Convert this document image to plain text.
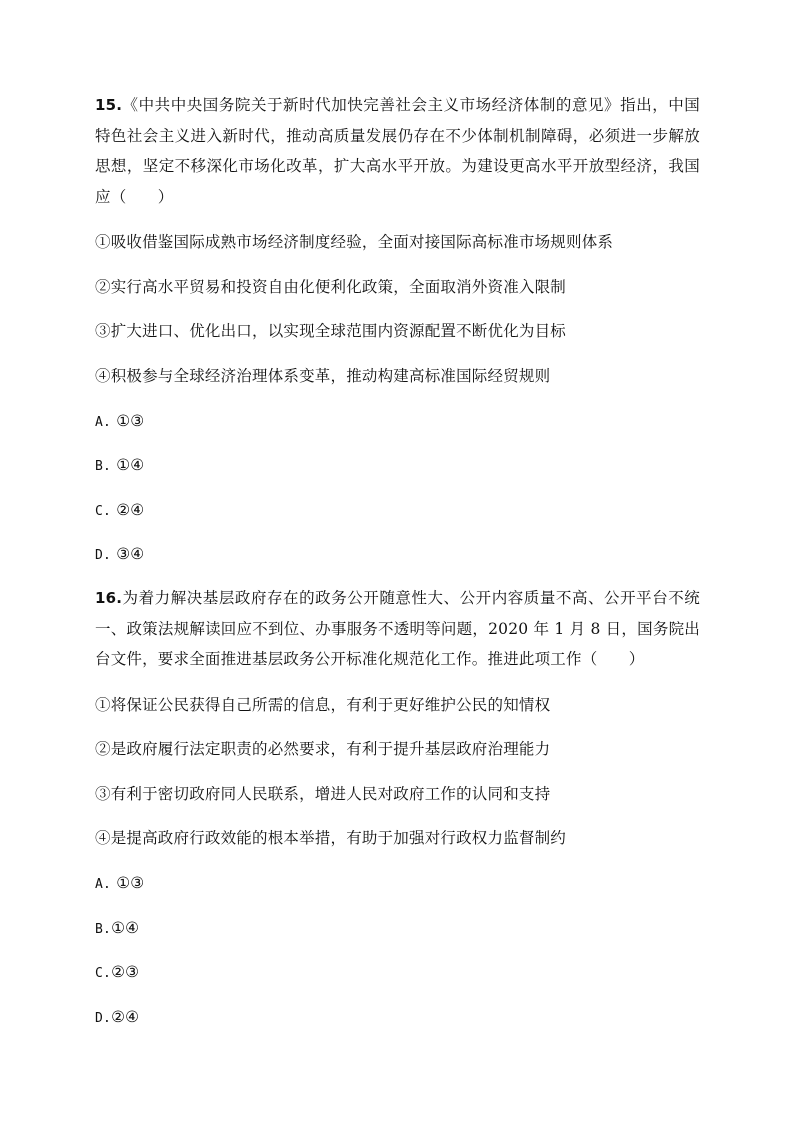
15.《中共中央国务院关于新时代加快完善社会主义市场经济体制的意见》指出，中国特色社会主义进入新时代，推动高质量发展仍存在不少体制机制障碍，必须进一步解放思想，坚定不移深化市场化改革，扩大高水平开放。为建设更高水平开放型经济，我国应（　　）

①吸收借鉴国际成熟市场经济制度经验，全面对接国际高标准市场规则体系
②实行高水平贸易和投资自由化便利化政策，全面取消外资准入限制
③扩大进口、优化出口，以实现全球范围内资源配置不断优化为目标
④积极参与全球经济治理体系变革，推动构建高标准国际经贸规则
A. ①③
B. ①④
C. ②④
D. ③④

16.为着力解决基层政府存在的政务公开随意性大、公开内容质量不高、公开平台不统一、政策法规解读回应不到位、办事服务不透明等问题，2020 年 1 月 8 日，国务院出台文件，要求全面推进基层政务公开标准化规范化工作。推进此项工作（　　）

①将保证公民获得自己所需的信息，有利于更好维护公民的知情权
②是政府履行法定职责的必然要求，有利于提升基层政府治理能力
③有利于密切政府同人民联系，增进人民对政府工作的认同和支持
④是提高政府行政效能的根本举措，有助于加强对行政权力监督制约
A. ①③
B.①④
C.②③
D.②④
